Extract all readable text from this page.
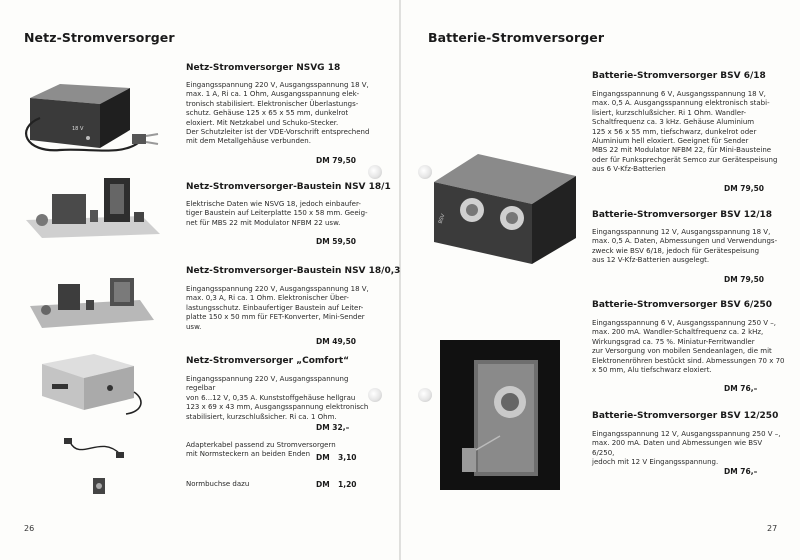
Netz-Stromversorger
18 V
Netz-Stromversorger NSVG 18
Eingangsspannung 220 V, Ausgangsspannung 18 V,
max. 1 A, Ri ca. 1 Ohm, Ausgangsspannung elek-
tronisch stabilisiert. Elektronischer Überlastungs-
schutz. Gehäuse 125 x 65 x 55 mm, dunkelrot
eloxiert. Mit Netzkabel und Schuko-Stecker.
Der Schutzleiter ist der VDE-Vorschrift entsprechend
mit dem Metallgehäuse verbunden.
DM 79,50
Netz-Stromversorger-Baustein NSV 18/1
Elektrische Daten wie NSVG 18, jedoch einbaufer-
tiger Baustein auf Leiterplatte 150 x 58 mm. Geeig-
net für MBS 22 mit Modulator NFBM 22 usw.
DM 59,50
Netz-Stromversorger-Baustein NSV 18/0,3
Eingangsspannung 220 V, Ausgangsspannung 18 V,
max. 0,3 A, Ri ca. 1 Ohm. Elektronischer Über-
lastungsschutz. Einbaufertiger Baustein auf Leiter-
platte 150 x 50 mm für FET-Konverter, Mini-Sender
usw.
DM 49,50
Netz-Stromversorger „Comfort“
Eingangsspannung 220 V, Ausgangsspannung regelbar
von 6...12 V, 0,35 A. Kunststoffgehäuse hellgrau
123 x 69 x 43 mm, Ausgangsspannung elektronisch
stabilisiert, kurzschlußsicher. Ri ca. 1 Ohm.
DM 32,–
Adapterkabel passend zu Stromversorgern
mit Normsteckern an beiden Enden DM 3,10
Normbuchse dazu	DM 1,20
26
Batterie-Stromversorger
BSV
Batterie-Stromversorger BSV 6/18
Eingangsspannung 6 V, Ausgangsspannung 18 V,
max. 0,5 A. Ausgangsspannung elektronisch stabi-
lisiert, kurzschlußsicher. Ri 1 Ohm. Wandler-
Schaltfrequenz ca. 3 kHz. Gehäuse Aluminium
125 x 56 x 55 mm, tiefschwarz, dunkelrot oder
Aluminium hell eloxiert. Geeignet für Sender
MBS 22 mit Modulator NFBM 22, für Mini-Bausteine
oder für Funksprechgerät Semco zur Gerätespeisung
aus 6 V-Kfz-Batterien
DM 79,50
Batterie-Stromversorger BSV 12/18
Eingangsspannung 12 V, Ausgangsspannung 18 V,
max. 0,5 A. Daten, Abmessungen und Verwendungs-
zweck wie BSV 6/18, jedoch für Gerätespeisung
aus 12 V-Kfz-Batterien ausgelegt.
DM 79,50
Batterie-Stromversorger BSV 6/250
Eingangsspannung 6 V, Ausgangsspannung 250 V –,
max. 200 mA. Wandler-Schaltfrequenz ca. 2 kHz,
Wirkungsgrad ca. 75 %. Miniatur-Ferritwandler
zur Versorgung von mobilen Sendeanlagen, die mit
Elektronenröhren bestückt sind. Abmessungen 70 x 70
x 50 mm, Alu tiefschwarz eloxiert.
DM 76,–
Batterie-Stromversorger BSV 12/250
Eingangsspannung 12 V, Ausgangsspannung 250 V –,
max. 200 mA. Daten und Abmessungen wie BSV 6/250,
jedoch mit 12 V Eingangsspannung.
DM 76,–
27
